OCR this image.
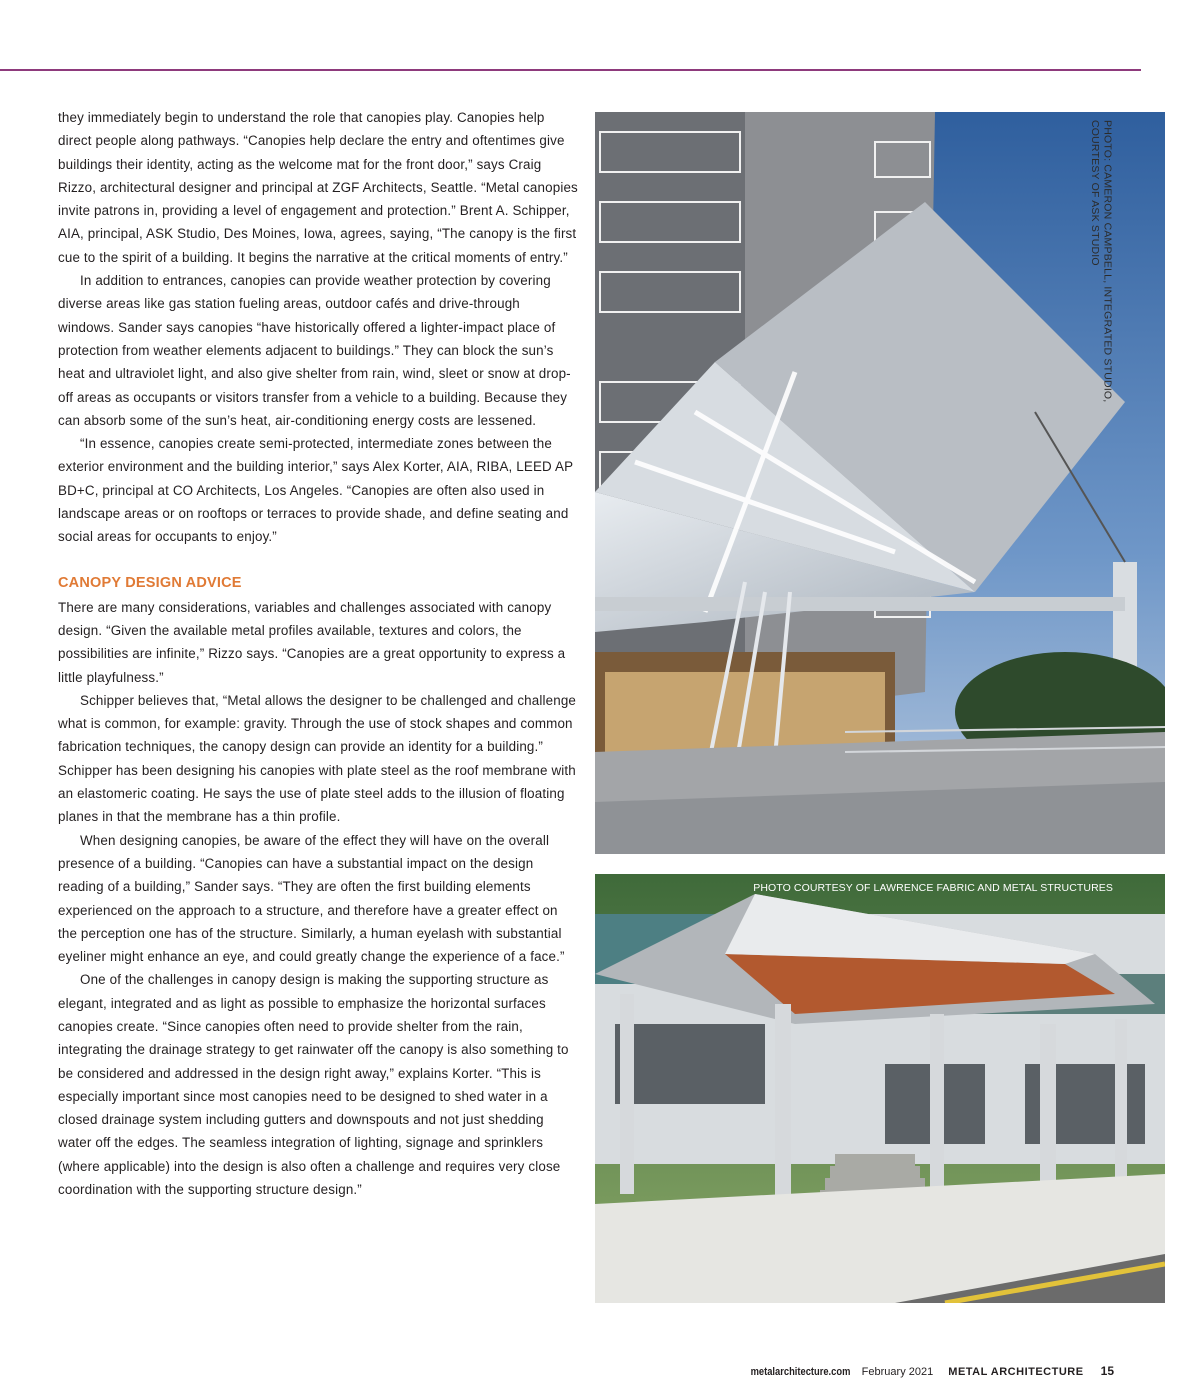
they immediately begin to understand the role that canopies play. Canopies help direct people along pathways. “Canopies help declare the entry and oftentimes give buildings their identity, acting as the welcome mat for the front door,” says Craig Rizzo, architectural designer and principal at ZGF Architects, Seattle. “Metal canopies invite patrons in, providing a level of engagement and protection.” Brent A. Schipper, AIA, principal, ASK Studio, Des Moines, Iowa, agrees, saying, “The canopy is the first cue to the spirit of a building. It begins the narrative at the critical moments of entry.”

In addition to entrances, canopies can provide weather protection by covering diverse areas like gas station fueling areas, outdoor cafés and drive-through windows. Sander says canopies “have historically offered a lighter-impact place of protection from weather elements adjacent to buildings.” They can block the sun’s heat and ultraviolet light, and also give shelter from rain, wind, sleet or snow at drop-off areas as occupants or visitors transfer from a vehicle to a building. Because they can absorb some of the sun’s heat, air-conditioning energy costs are lessened.

“In essence, canopies create semi-protected, intermediate zones between the exterior environment and the building interior,” says Alex Korter, AIA, RIBA, LEED AP BD+C, principal at CO Architects, Los Angeles. “Canopies are often also used in landscape areas or on rooftops or terraces to provide shade, and define seating and social areas for occupants to enjoy.”

CANOPY DESIGN ADVICE

There are many considerations, variables and challenges associated with canopy design. “Given the available metal profiles available, textures and colors, the possibilities are infinite,” Rizzo says. “Canopies are a great opportunity to express a little playfulness.”

Schipper believes that, “Metal allows the designer to be challenged and challenge what is common, for example: gravity. Through the use of stock shapes and common fabrication techniques, the canopy design can provide an identity for a building.” Schipper has been designing his canopies with plate steel as the roof membrane with an elastomeric coating. He says the use of plate steel adds to the illusion of floating planes in that the membrane has a thin profile.

When designing canopies, be aware of the effect they will have on the overall presence of a building. “Canopies can have a substantial impact on the design reading of a building,” Sander says. “They are often the first building elements experienced on the approach to a structure, and therefore have a greater effect on the perception one has of the structure. Similarly, a human eyelash with substantial eyeliner might enhance an eye, and could greatly change the experience of a face.”

One of the challenges in canopy design is making the supporting structure as elegant, integrated and as light as possible to emphasize the horizontal surfaces canopies create. “Since canopies often need to provide shelter from the rain, integrating the drainage strategy to get rainwater off the canopy is also something to be considered and addressed in the design right away,” explains Korter. “This is especially important since most canopies need to be designed to shed water in a closed drainage system including gutters and downspouts and not just shedding water off the edges. The seamless integration of lighting, signage and sprinklers (where applicable) into the design is also often a challenge and requires very close coordination with the supporting structure design.”

PHOTO: CAMERON CAMPBELL, INTEGRATED STUDIO,
COURTESY OF ASK STUDIO
PHOTO COURTESY OF LAWRENCE FABRIC AND METAL STRUCTURES
metalarchitecture.com February 2021 METAL ARCHITECTURE 15
